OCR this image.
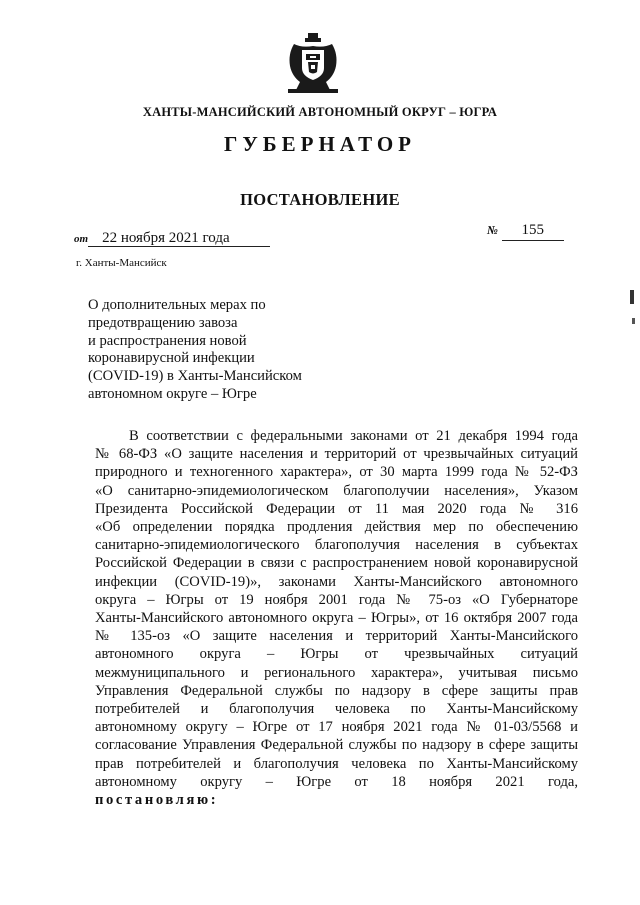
ХАНТЫ-МАНСИЙСКИЙ АВТОНОМНЫЙ ОКРУГ – ЮГРА
ГУБЕРНАТОР
ПОСТАНОВЛЕНИЕ
от 22 ноября 2021 года	№ 155
г. Ханты-Мансийск

О дополнительных мерах по
предотвращению завоза
и распространения новой
коронавирусной инфекции
(COVID-19) в Ханты-Мансийском
автономном округе – Югре

В соответствии с федеральными законами от 21 декабря 1994 года
№ 68-ФЗ «О защите населения и территорий от чрезвычайных ситуаций
природного и техногенного характера», от 30 марта 1999 года № 52-ФЗ
«О санитарно-эпидемиологическом благополучии населения», Указом
Президента Российской Федерации от 11 мая 2020 года № 316
«Об определении порядка продления действия мер по обеспечению
санитарно-эпидемиологического благополучия населения в субъектах
Российской Федерации в связи с распространением новой коронавирусной
инфекции (COVID-19)», законами Ханты-Мансийского автономного
округа – Югры от 19 ноября 2001 года № 75-оз «О Губернаторе
Ханты-Мансийского автономного округа – Югры», от 16 октября 2007 года
№ 135-оз «О защите населения и территорий Ханты-Мансийского
автономного округа – Югры от чрезвычайных ситуаций
межмуниципального и регионального характера», учитывая письмо
Управления Федеральной службы по надзору в сфере защиты прав
потребителей и благополучия человека по Ханты-Мансийскому
автономному округу – Югре от 17 ноября 2021 года № 01-03/5568 и
согласование Управления Федеральной службы по надзору в сфере защиты
прав потребителей и благополучия человека по Ханты-Мансийскому
автономному округу – Югре от 18 ноября 2021 года,
постановляю:
